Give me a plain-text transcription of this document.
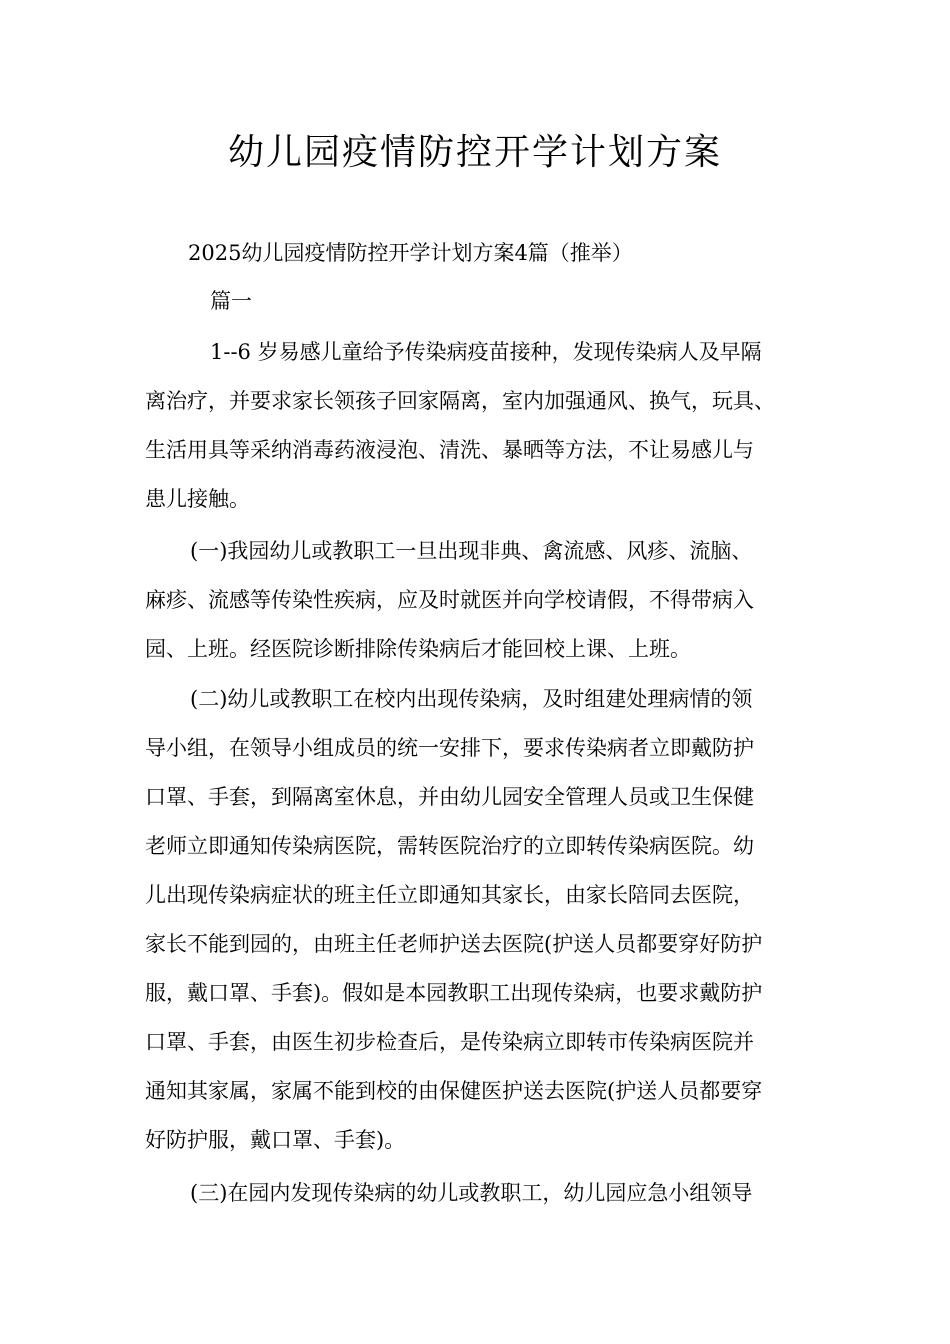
幼儿园疫情防控开学计划方案

2025幼儿园疫情防控开学计划方案4篇（推举）

篇一

1--6 岁易感儿童给予传染病疫苗接种，发现传染病人及早隔

离治疗，并要求家长领孩子回家隔离，室内加强通风、换气，玩具、

生活用具等采纳消毒药液浸泡、清洗、暴晒等方法，不让易感儿与

患儿接触。

(一)我园幼儿或教职工一旦出现非典、禽流感、风疹、流脑、

麻疹、流感等传染性疾病，应及时就医并向学校请假，不得带病入

园、上班。经医院诊断排除传染病后才能回校上课、上班。

(二)幼儿或教职工在校内出现传染病，及时组建处理病情的领

导小组，在领导小组成员的统一安排下，要求传染病者立即戴防护

口罩、手套，到隔离室休息，并由幼儿园安全管理人员或卫生保健

老师立即通知传染病医院，需转医院治疗的立即转传染病医院。幼

儿出现传染病症状的班主任立即通知其家长，由家长陪同去医院，

家长不能到园的，由班主任老师护送去医院(护送人员都要穿好防护

服，戴口罩、手套)。假如是本园教职工出现传染病，也要求戴防护

口罩、手套，由医生初步检查后，是传染病立即转市传染病医院并

通知其家属，家属不能到校的由保健医护送去医院(护送人员都要穿

好防护服，戴口罩、手套)。

(三)在园内发现传染病的幼儿或教职工，幼儿园应急小组领导
